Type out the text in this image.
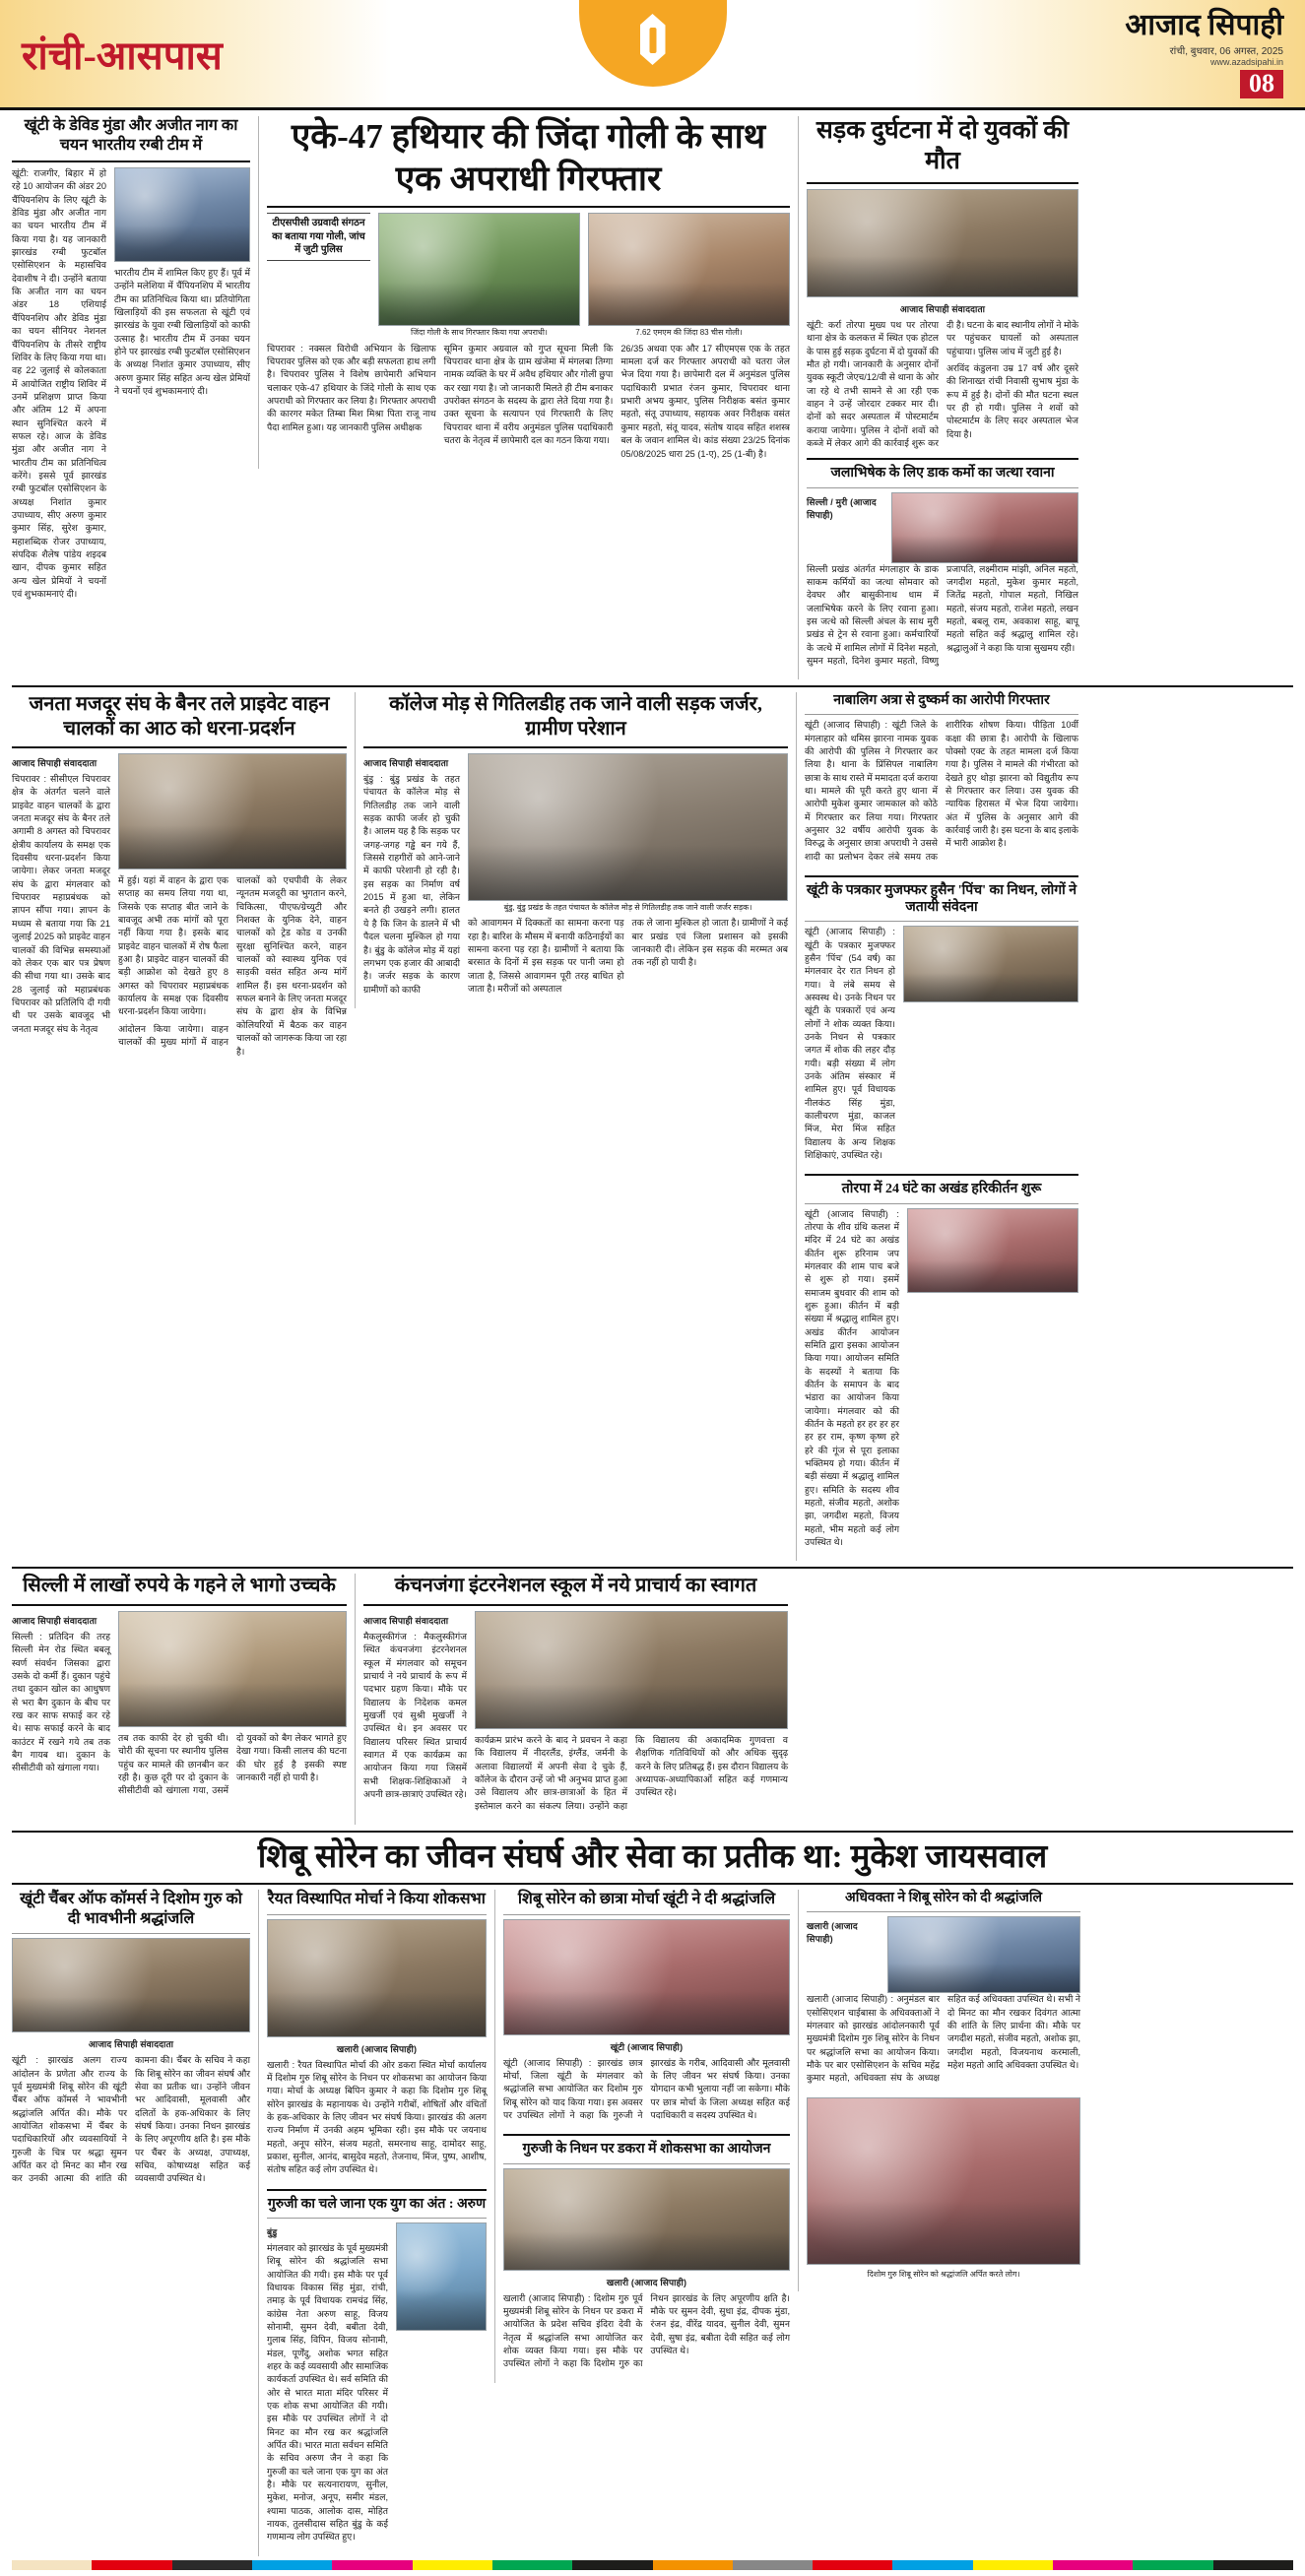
रांची-आसपास
आजाद सिपाही
रांची, बुधवार, 06 अगस्त, 2025
www.azadsipahi.in
08
खूंटी के डेविड मुंडा और अजीत नाग का चयन भारतीय रग्बी टीम में

खूंटी: राजगीर, बिहार में हो रहे 10 आयोजन की अंडर 20 चैंपियनशिप के लिए खूंटी के डेविड मुंडा और अजीत नाग का चयन भारतीय टीम में किया गया है। यह जानकारी झारखंड रग्बी फुटबॉल एसोसिएशन के महासचिव देवाशीष ने दी। उन्होंने बताया कि अजीत नाग का चयन अंडर 18 एशियाई चैंपियनशिप और डेविड मुंडा का चयन सीनियर नेशनल चैंपियनशिप के तीसरे राष्ट्रीय शिविर के लिए किया गया था। वह 22 जुलाई से कोलकाता में आयोजित राष्ट्रीय शिविर में उनमें प्रशिक्षण प्राप्त किया और अंतिम 12 में अपना स्थान सुनिश्चित करने में सफल रहे। आज के डेविड मुंडा और अजीत नाग ने भारतीय टीम का प्रतिनिधित्व करेंगे। इससे पूर्व झारखंड रग्बी फुटबॉल एसोसिएशन के अध्यक्ष निशांत कुमार उपाध्याय, सीए अरुण कुमार कुमार सिंह, सुरेश कुमार, महाशब्दिक रोजर उपाध्याय, संपदिक शैलेष पांडेय शइदब खान, दीपक कुमार सहित अन्य खेल प्रेमियों ने चयनों एवं शुभकामनाएं दी।

भारतीय टीम में शामिल किए हुए हैं। पूर्व में उन्होंने मलेशिया में चैंपियनशिप में भारतीय टीम का प्रतिनिधित्व किया था। प्रतियोगिता खिलाड़ियों की इस सफलता से खूंटी एवं झारखंड के युवा रग्बी खिलाड़ियों को काफी उत्साह है। भारतीय टीम में उनका चयन होने पर झारखंड रग्बी फुटबॉल एसोसिएशन के अध्यक्ष निशांत कुमार उपाध्याय, सीए अरुण कुमार सिंह सहित अन्य खेल प्रेमियों ने चयनों एवं शुभकामनाएं दी।

एके-47 हथियार की जिंदा गोली के साथ एक अपराधी गिरफ्तार
टीएसपीसी उग्रवादी संगठन का बताया गया गोली, जांच में जुटी पुलिस
जिंदा गोली के साथ गिरफ्तार किया गया अपराधी।	7.62 एमएम की जिंदा 83 चीस गोली।

चिपरावर : नक्सल विरोधी अभियान के खिलाफ चिपरावर पुलिस को एक और बड़ी सफलता हाथ लगी है। चिपरावर पुलिस ने विशेष छापेमारी अभियान चलाकर एके-47 हथियार के जिंदे गोली के साथ एक अपराधी को गिरफ्तार कर लिया है। गिरफ्तार अपराधी की कारगर मकेत तिम्बा मिश मिश्रा पिता राजू नाथ पैदा शामिल हुआ। यह जानकारी पुलिस अधीक्षक

सूमिन कुमार अग्रवाल को गुप्त सूचना मिली कि चिपरावर थाना क्षेत्र के ग्राम खंजेमा में मंगलबा तिग्गा नामक व्यक्ति के घर में अवैध हथियार और गोली छुपा कर रखा गया है। जो जानकारी मिलते ही टीम बनाकर उपरोक्त संगठन के सदस्य के द्वारा लेते दिया गया है। उक्त सूचना के सत्यापन एवं गिरफ्तारी के लिए चिपरावर थाना में वरीय अनुमंडल पुलिस पदाधिकारी चतरा के नेतृत्व में छापेमारी दल का गठन किया गया।

26/35 अथवा एक और 17 सीएमएस एक के तहत मामला दर्ज कर गिरफ्तार अपराधी को चतरा जेल भेज दिया गया है। छापेमारी दल में अनुमंडल पुलिस पदाधिकारी प्रभात रंजन कुमार, चिपरावर थाना प्रभारी अभय कुमार, पुलिस निरीक्षक बसंत कुमार महतो, संतू उपाध्याय, सहायक अवर निरीक्षक वसंत कुमार महतो, संतू यादव, संतोष यादव सहित शशस्त्र बल के जवान शामिल थे। कांड संख्या 23/25 दिनांक 05/08/2025 धारा 25 (1-ए), 25 (1-बी) है।

सड़क दुर्घटना में दो युवकों की मौत
आजाद सिपाही संवाददाता

खूंटी: कर्रा तोरपा मुख्य पथ पर तोरपा थाना क्षेत्र के कलकत्त में स्थित एक होटल के पास हुई सड़क दुर्घटना में दो युवकों की मौत हो गयी। जानकारी के अनुसार दोनों युवक स्कूटी जेएच/12/वी से थाना के ओर जा रहे थे तभी सामने से आ रही एक वाहन ने उन्हें जोरदार टक्कर मार दी। दोनों को सदर अस्पताल में पोस्टमार्टम कराया जायेगा। पुलिस ने दोनों शवों को कब्जे में लेकर आगे की कार्रवाई शुरू कर दी है। घटना के बाद स्थानीय लोगों ने मोके पर पहुंचकर घायलों को अस्पताल पहुंचाया। पुलिस जांच में जुटी हुई है।

अरविंद कंडुलना उम्र 17 वर्ष और दूसरे की शिनाख्त रांची निवासी सुभाष मुंडा के रूप में हुई है। दोनों की मौत घटना स्थल पर ही हो गयी। पुलिस ने शवों को पोस्टमार्टम के लिए सदर अस्पताल भेज दिया है।

जलाभिषेक के लिए डाक कर्मो का जत्था रवाना
सिल्ली / मुरी (आजाद सिपाही)

सिल्ली प्रखंड अंतर्गत मंगलाहार के डाक साकम कर्मियों का जत्था सोमवार को देवघर और बासुकीनाथ धाम में जलाभिषेक करने के लिए रवाना हुआ। इस जत्थे को सिल्ली अंचल के साथ मुरी प्रखंड से ट्रेन से रवाना हुआ। कर्मचारियों के जत्थे में शामिल लोगों में दिनेश महतो, सुमन महतो, दिनेश कुमार महतो, विष्णु प्रजापति, लक्ष्मीराम मांझी, अनिल महतो, जगदीश महतो, मुकेश कुमार महतो, जितेंद्र महतो, गोपाल महतो, निखिल महतो, संजय महतो, राजेश महतो, लखन महतो, बबलू राम, अवकाश साहू, बापू महतो सहित कई श्रद्धालु शामिल रहे। श्रद्धालुओं ने कहा कि यात्रा सुखमय रही।

जनता मजदूर संघ के बैनर तले प्राइवेट वाहन चालकों का आठ को धरना-प्रदर्शन
आजाद सिपाही संवाददाता

चिपरावर : सीसीएल चिपरावर क्षेत्र के अंतर्गत चलने वाले प्राइवेट वाहन चालकों के द्वारा जनता मजदूर संघ के बैनर तले अगामी 8 अगस्त को चिपरावर क्षेत्रीय कार्यालय के समक्ष एक दिवसीय धरना-प्रदर्शन किया जायेगा। लेकर जनता मजदूर संघ के द्वारा मंगलवार को चिपरावर महाप्रबंधक को ज्ञापन सौंपा गया। ज्ञापन के मध्यम से बताया गया कि 21 जुलाई 2025 को प्राइवेट वाहन चालकों की विभिन्न समस्याओं को लेकर एक बार पत्र प्रेषण की सीधा गया था। उसके बाद 28 जुलाई को महाप्रबंधक चिपरावर को प्रतिलिपि दी गयी थी पर उसके बावजूद भी जनता मजदूर संघ के नेतृत्व

में हुई। यहां में वाहन के द्वारा एक सप्ताह का समय लिया गया था, जिसके एक सप्ताह बीत जाने के बावजूद अभी तक मांगों को पूरा नहीं किया गया है। इसके बाद प्राइवेट वाहन चालकों में रोष फैला हुआ है। प्राइवेट वाहन चालकों की बड़ी आक्रोश को देखते हुए 8 अगस्त को चिपरावर महाप्रबंधक कार्यालय के समक्ष एक दिवसीय धरना-प्रदर्शन किया जायेगा।

आंदोलन किया जायेगा। वाहन चालकों की मुख्य मांगों में वाहन चालकों को एचपीवी के लेकर न्यूनतम मजदूरी का भुगतान करने, चिकित्सा, पीएफ/ग्रेच्युटी और निशक्त के युनिक देने, वाहन चालकों को ट्रेड कोड व उनकी सुरक्षा सुनिश्चित करने, वाहन चालकों को स्वास्थ्य युनिक एवं साड़की वसंत सहित अन्य मांगें शामिल हैं। इस धरना-प्रदर्शन को सफल बनाने के लिए जनता मजदूर संघ के द्वारा क्षेत्र के विभिन्न कोलियरियों में बैठक कर वाहन चालकों को जागरूक किया जा रहा है।

कॉलेज मोड़ से गितिलडीह तक जाने वाली सड़क जर्जर, ग्रामीण परेशान
आजाद सिपाही संवाददाता

बुंडु : बुंडु प्रखंड के तहत पंचायत के कॉलेज मोड़ से गितिलडीह तक जाने वाली सड़क काफी जर्जर हो चुकी है। आलम यह है कि सड़क पर जगह-जगह गड्ढे बन गये हैं, जिससे राहगीरों को आने-जाने में काफी परेशानी हो रही है। इस सड़क का निर्माण वर्ष 2015 में हुआ था, लेकिन बनते ही उखड़ने लगी। हालत ये है कि जिन के डालने में भी पैदल चलना मुश्किल हो गया है। बुंडु के कॉलेज मोड़ में यहां लगभग एक हजार की आबादी है। जर्जर सड़क के कारण ग्रामीणों को काफी

बुंडु, बुंडु प्रखंड के तहत पंचायत के कॉलेज मोड़ से गितिलडीह तक जाने वाली जर्जर सड़क।

को आवागमन में दिक्कतों का सामना करना पड़ रहा है। बारिश के मौसम में बनायी कठिनाईयों का सामना करना पड़ रहा है। ग्रामीणों ने बताया कि बरसात के दिनों में इस सड़क पर पानी जमा हो जाता है, जिससे आवागमन पूरी तरह बाधित हो जाता है। मरीजों को अस्पताल

तक ले जाना मुश्किल हो जाता है। ग्रामीणों ने कई बार प्रखंड एवं जिला प्रशासन को इसकी जानकारी दी। लेकिन इस सड़क की मरम्मत अब तक नहीं हो पायी है।

नाबालिग अत्रा से दुष्कर्म का आरोपी गिरफ्तार

खूंटी (आजाद सिपाही) : खूंटी जिले के मंगलाहार को थमिस झारना नामक युवक की आरोपी की पुलिस ने गिरफ्तार कर लिया है। थाना के प्रिंसिपल नाबालिग छात्रा के साथ रास्ते में ममादता दर्ज कराया था। मामले की पूरी करते हुए थाना में आरोपी मुकेश कुमार जामकाल को कोठे में गिरफ्तार कर लिया गया। गिरफ्तार अनुसार 32 वर्षीय आरोपी युवक के विरुद्ध के अनुसार छात्रा अपराधी ने उससे शादी का प्रलोभन देकर लंबे समय तक शारीरिक शोषण किया। पीड़िता 10वीं कक्षा की छात्रा है। आरोपी के खिलाफ पोक्सो एक्ट के तहत मामला दर्ज किया गया है। पुलिस ने मामले की गंभीरता को देखते हुए थोड़ा झारना को विद्युतीय रूप से गिरफ्तार कर लिया। उस युवक की न्यायिक हिरासत में भेज दिया जायेगा। अंत में पुलिस के अनुसार आगे की कार्रवाई जारी है। इस घटना के बाद इलाके में भारी आक्रोश है।

खूंटी के पत्रकार मुजफ्फर हुसैन 'पिंच' का निधन, लोगों ने जतायी संवेदना

खूंटी (आजाद सिपाही) : खूंटी के पत्रकार मुजफ्फर हुसैन 'पिंच' (54 वर्ष) का मंगलवार देर रात निधन हो गया। वे लंबे समय से अस्वस्थ थे। उनके निधन पर खूंटी के पत्रकारों एवं अन्य लोगों ने शोक व्यक्त किया। उनके निधन से पत्रकार जगत में शोक की लहर दौड़ गयी। बड़ी संख्या में लोग उनके अंतिम संस्कार में शामिल हुए। पूर्व विधायक नीलकंठ सिंह मुंडा, कालीचरण मुंडा, काजल मिंज, मेरा मिंज सहित विद्यालय के अन्य शिक्षक शिक्षिकाएं, उपस्थित रहे।

तोरपा में 24 घंटे का अखंड हरिकीर्तन शुरू

खूंटी (आजाद सिपाही) : तोरपा के शीव ग्रंथि कलश में मंदिर में 24 घंटे का अखंड कीर्तन शुरू हरिनाम जप मंगलवार की शाम पाच बजे से शुरू हो गया। इसमें समाजम बुधवार की शाम को शुरू हुआ। कीर्तन में बड़ी संख्या में श्रद्धालु शामिल हुए। अखंड कीर्तन आयोजन समिति द्वारा इसका आयोजन किया गया। आयोजन समिति के सदस्यों ने बताया कि कीर्तन के समापन के बाद भंडारा का आयोजन किया जायेगा। मंगलवार को की कीर्तन के महतो हर हर हर हर हर हर राम, कृष्ण कृष्ण हरे हरे की गूंज से पूरा इलाका भक्तिमय हो गया। कीर्तन में बड़ी संख्या में श्रद्धालु शामिल हुए। समिति के सदस्य शीव महतो, संजीव महतो, अशोक झा, जगदीश महतो, विजय महतो, भीम महतो कई लोग उपस्थित थे।

सिल्ली में लाखों रुपये के गहने ले भागो उच्चके
आजाद सिपाही संवाददाता

सिल्ली : प्रतिदिन की तरह सिल्ली मेन रोड स्थित बबलू स्वर्ण संवर्धन जिसका द्वारा उसके दो कर्मी हैं। दुकान पहुंचे तथा दुकान खोल का आधुषण से भरा बैग दुकान के बीच पर रख कर साफ सफाई कर रहे थे। साफ सफाई करने के बाद काउंटर में रखने गये तब तक बैग गायब था। दुकान के सीसीटीवी को खंगाला गया।

तब तक काफी देर हो चुकी थी। चोरी की सूचना पर स्थानीय पुलिस पहुंच कर मामले की छानबीन कर रही है। कुछ दूरी पर दो दुकान के सीसीटीवी को खंगाला गया, उसमें दो युवकों को बैग लेकर भागते हुए देखा गया। किसी लालच की घटना की घोर हुई है इसकी स्पष्ट जानकारी नहीं हो पायी है।

कंचनजंगा इंटरनेशनल स्कूल में नये प्राचार्य का स्वागत
आजाद सिपाही संवाददाता

मैकलुस्कीगंज : मैकलुस्कीगंज स्थित कंचनजंगा इंटरनेशनल स्कूल में मंगलवार को समूचन प्राचार्य ने नये प्राचार्य के रूप में पदभार ग्रहण किया। मौके पर विद्यालय के निदेशक कमल मुखर्जी एवं सुश्री मुखर्जी ने उपस्थित थे। इन अवसर पर विद्यालय परिसर स्थित प्राचार्य स्वागत में एक कार्यक्रम का आयोजन किया गया जिसमें सभी शिक्षक-शिक्षिकाओं ने अपनी छात्र-छात्राएं उपस्थित रहे।

कार्यक्रम प्रारंभ करने के बाद ने प्रवचन ने कहा कि विद्यालय में नीदरलैंड, इंग्लैंड, जर्मनी के अलावा विद्यालयों में अपनी सेवा दे चुके हैं, कॉलेज के दौरान उन्हें जो भी अनुभव प्राप्त हुआ उसे विद्यालय और छात्र-छात्राओं के हित में इस्तेमाल करने का संकल्प लिया। उन्होंने कहा कि विद्यालय की अकादमिक गुणवत्ता व शैक्षणिक गतिविधियों को और अधिक सुदृढ़ करने के लिए प्रतिबद्ध हैं। इस दौरान विद्यालय के अध्यापक-अध्यापिकाओं सहित कई गणमान्य उपस्थित रहे।

शिबू सोरेन का जीवन संघर्ष और सेवा का प्रतीक था: मुकेश जायसवाल
खूंटी चैंबर ऑफ कॉमर्स ने दिशोम गुरु को दी भावभीनी श्रद्धांजलि
आजाद सिपाही संवाददाता

खूंटी : झारखंड अलग राज्य आंदोलन के प्रणेता और राज्य के पूर्व मुख्यमंत्री शिबू सोरेन की खूंटी चैंबर ऑफ कॉमर्स ने भावभीनी श्रद्धांजलि अर्पित की। मौके पर आयोजित शोकसभा में चैंबर के पदाधिकारियों और व्यवसायियों ने गुरुजी के चित्र पर श्रद्धा सुमन अर्पित कर दो मिनट का मौन रख कर उनकी आत्मा की शांति की कामना की। चैंबर के सचिव ने कहा कि शिबू सोरेन का जीवन संघर्ष और सेवा का प्रतीक था। उन्होंने जीवन भर आदिवासी, मूलवासी और दलितों के हक-अधिकार के लिए संघर्ष किया। उनका निधन झारखंड के लिए अपूरणीय क्षति है। इस मौके पर चैंबर के अध्यक्ष, उपाध्यक्ष, सचिव, कोषाध्यक्ष सहित कई व्यवसायी उपस्थित थे।

रैयत विस्थापित मोर्चा ने किया शोकसभा
खलारी (आजाद सिपाही)

खलारी : रैयत विस्थापित मोर्चा की ओर डकरा स्थित मोर्चा कार्यालय में दिशोम गुरु शिबू सोरेन के निधन पर शोकसभा का आयोजन किया गया। मोर्चा के अध्यक्ष बिपिन कुमार ने कहा कि दिशोम गुरु शिबू सोरेन झारखंड के महानायक थे। उन्होंने गरीबों, शोषितों और वंचितों के हक-अधिकार के लिए जीवन भर संघर्ष किया। झारखंड की अलग राज्य निर्माण में उनकी अहम भूमिका रही। इस मौके पर जयनाथ महतो, अनूप सोरेन, संजय महतो, समरनाथ साहू, दामोदर साहू, प्रकाश, सुनील, आनंद, बासुदेव महतो, तेजनाथ, मिंज, पुष्प, आशीष, संतोष सहित कई लोग उपस्थित थे।

गुरुजी का चले जाना एक युग का अंत : अरुण
बुंडु

मंगलवार को झारखंड के पूर्व मुख्यमंत्री शिबू सोरेन की श्रद्धांजलि सभा आयोजित की गयी। इस मौके पर पूर्व विधायक विकास सिंह मुंडा, रांची, तमाड़ के पूर्व विधायक रामचंद्र सिंह, कांग्रेस नेता अरुण साहू, विजय सोनामी, सुमन देवी, बबीता देवी, गुलाब सिंह, विपिन, विजय सोनामी, मंडल, पूर्णेंदु, अशोक भगत सहित शहर के कई व्यवसायी और सामाजिक कार्यकर्ता उपस्थित थे। सर्व समिति की ओर से भारत माता मंदिर परिसर में एक शोक सभा आयोजित की गयी। इस मौके पर उपस्थित लोगों ने दो मिनट का मौन रख कर श्रद्धांजलि अर्पित की। भारत माता सर्वधन समिति के सचिव अरुण जैन ने कहा कि गुरुजी का चले जाना एक युग का अंत है। मौके पर सत्यनारायण, सुनील, मुकेश, मनोज, अनूप, समीर मंडल, श्यामा पाठक, आलोक दास, मोहित नायक, तुलसीदास सहित बुंडु के कई गणमान्य लोग उपस्थित हुए।

शिबू सोरेन को छात्रा मोर्चा खूंटी ने दी श्रद्धांजलि
खूंटी (आजाद सिपाही)

खूंटी (आजाद सिपाही) : झारखंड छात्र मोर्चा, जिला खूंटी के मंगलवार को श्रद्धांजलि सभा आयोजित कर दिशोम गुरु शिबू सोरेन को याद किया गया। इस अवसर पर उपस्थित लोगों ने कहा कि गुरुजी ने झारखंड के गरीब, आदिवासी और मूलवासी के लिए जीवन भर संघर्ष किया। उनका योगदान कभी भुलाया नहीं जा सकेगा। मौके पर छात्र मोर्चा के जिला अध्यक्ष सहित कई पदाधिकारी व सदस्य उपस्थित थे।

गुरुजी के निधन पर डकरा में शोकसभा का आयोजन
खलारी (आजाद सिपाही)

खलारी (आजाद सिपाही) : दिशोम गुरु पूर्व मुख्यमंत्री शिबू सोरेन के निधन पर डकरा में आयोजित के प्रदेश सचिव इंदिरा देवी के नेतृत्व में श्रद्धांजलि सभा आयोजित कर शोक व्यक्त किया गया। इस मौके पर उपस्थित लोगों ने कहा कि दिशोम गुरु का निधन झारखंड के लिए अपूरणीय क्षति है। मौके पर सुमन देवी, सुधा इंद्र, दीपक मुंडा, रंजन इंद्र, वीरेंद्र यादव, सुनील देवी, सुमन देवी, सुषा इंद्र, बबीता देवी सहित कई लोग उपस्थित थे।

अधिवक्ता ने शिबू सोरेन को दी श्रद्धांजलि
खलारी (आजाद सिपाही)

खलारी (आजाद सिपाही) : अनुमंडल बार एसोसिएशन चाईबासा के अधिवक्ताओं ने मंगलवार को झारखंड आंदोलनकारी पूर्व मुख्यमंत्री दिशोम गुरु शिबू सोरेन के निधन पर श्रद्धांजलि सभा का आयोजन किया। मौके पर बार एसोसिएशन के सचिव महेंद्र कुमार महतो, अधिवक्ता संघ के अध्यक्ष सहित कई अधिवक्ता उपस्थित थे। सभी ने दो मिनट का मौन रखकर दिवंगत आत्मा की शांति के लिए प्रार्थना की। मौके पर जगदीश महतो, संजीव महतो, अशोक झा, जगदीश महतो, विजयनाथ करमाली, महेश महतो आदि अधिवक्ता उपस्थित थे।

दिशोम गुरु शिबू सोरेन को श्रद्धांजलि अर्पित करते लोग।
